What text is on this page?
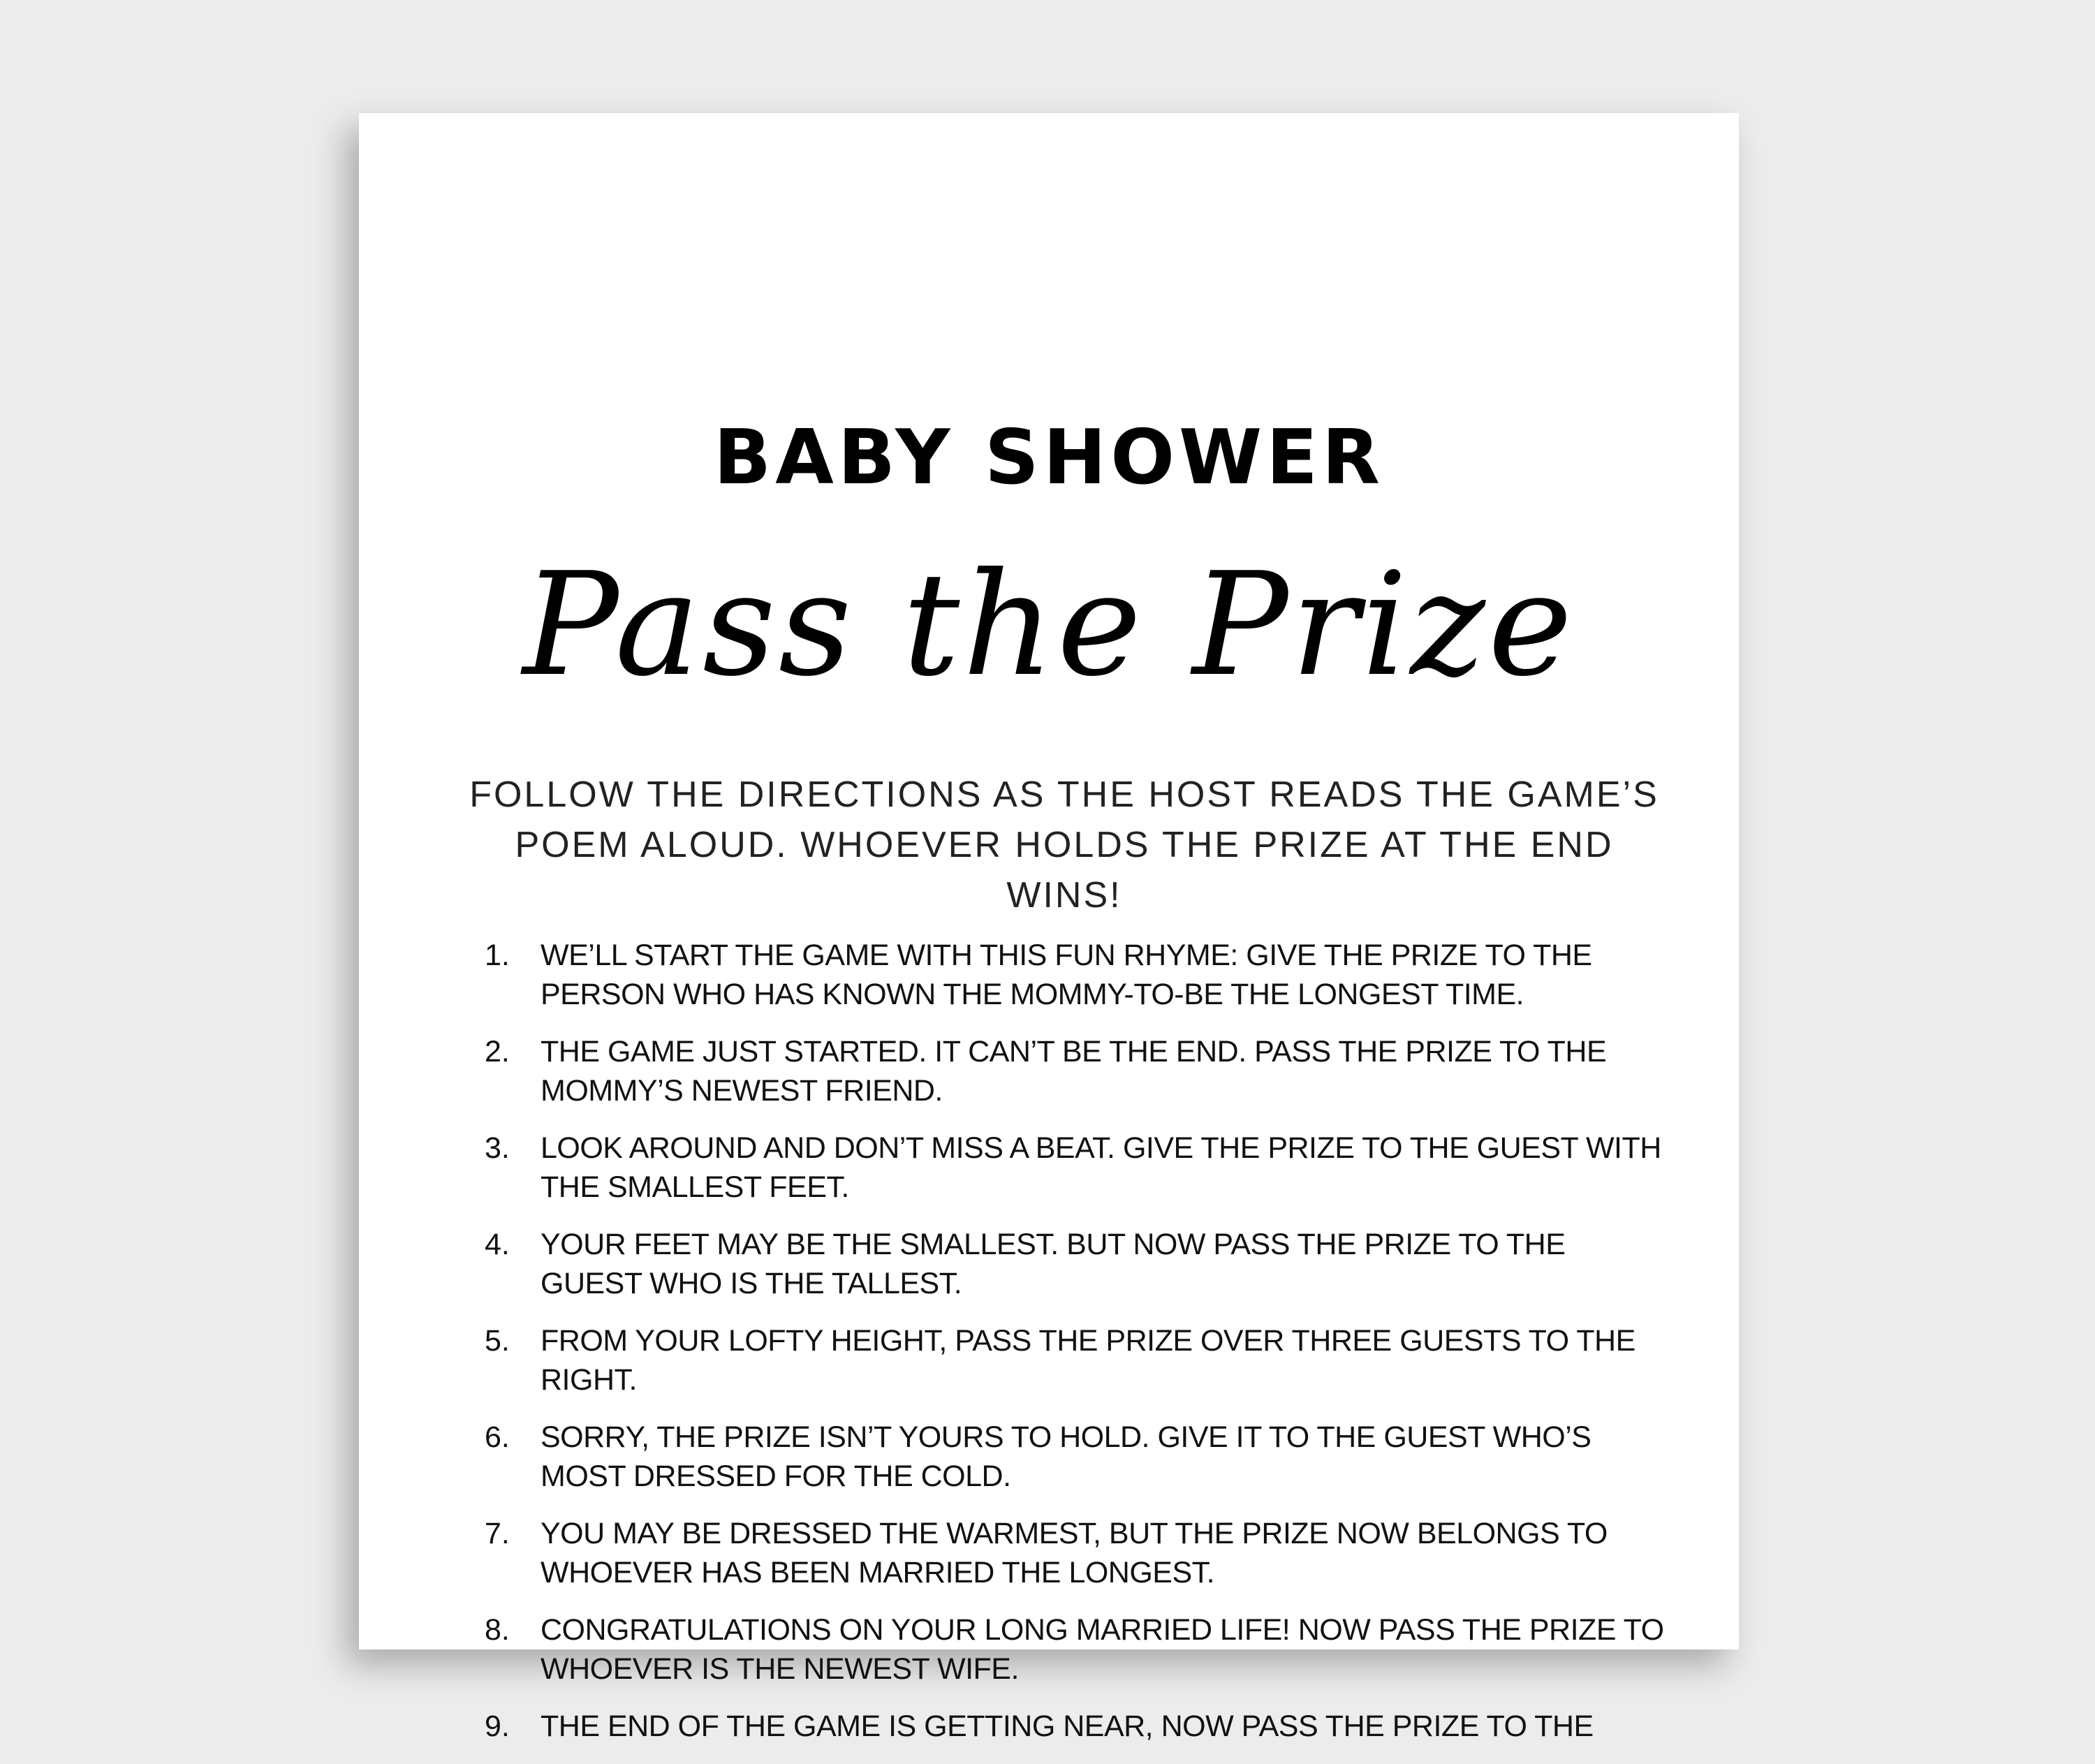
BABY SHOWER
Pass the Prize
FOLLOW THE DIRECTIONS AS THE HOST READS THE GAME’S
POEM ALOUD. WHOEVER HOLDS THE PRIZE AT THE END WINS!
1.	WE’LL START THE GAME WITH THIS FUN RHYME: GIVE THE PRIZE TO THE PERSON WHO HAS KNOWN THE MOMMY-TO-BE THE LONGEST TIME.
2.	THE GAME JUST STARTED. IT CAN’T BE THE END. PASS THE PRIZE TO THE MOMMY’S NEWEST FRIEND.
3.	LOOK AROUND AND DON’T MISS A BEAT. GIVE THE PRIZE TO THE GUEST WITH THE SMALLEST FEET.
4.	YOUR FEET MAY BE THE SMALLEST. BUT NOW PASS THE PRIZE TO THE GUEST WHO IS THE TALLEST.
5.	FROM YOUR LOFTY HEIGHT, PASS THE PRIZE OVER THREE GUESTS TO THE RIGHT.
6.	SORRY, THE PRIZE ISN’T YOURS TO HOLD. GIVE IT TO THE GUEST WHO’S MOST DRESSED FOR THE COLD.
7.	YOU MAY BE DRESSED THE WARMEST, BUT THE PRIZE NOW BELONGS TO WHOEVER HAS BEEN MARRIED THE LONGEST.
8.	CONGRATULATIONS ON YOUR LONG MARRIED LIFE! NOW PASS THE PRIZE TO WHOEVER IS THE NEWEST WIFE.
9.	THE END OF THE GAME IS GETTING NEAR, NOW PASS THE PRIZE TO THE
